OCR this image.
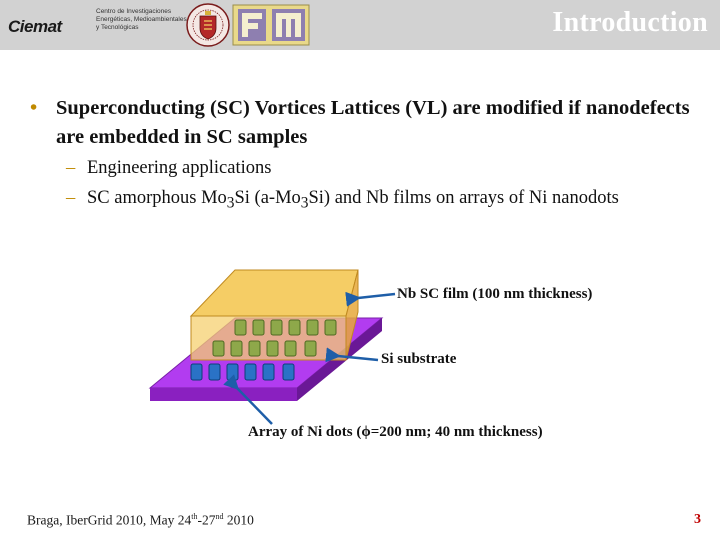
Ciemat
Centro de Investigaciones
Energéticas, Medioambientales
y Tecnológicas	Introduction
• Superconducting (SC) Vortices Lattices (VL) are modified if nanodefects are embedded in SC samples
– Engineering applications
– SC amorphous $Mo_3Si$ $(a-Mo_3Si)$ and Nb films on arrays of Ni nanodots
Nb SC film (100 nm thickness)
Si substrate
Array of Ni dots (ϕ=200 nm; 40 nm thickness)
Braga, IberGrid 2010, May 24th-27nd 2010	3
